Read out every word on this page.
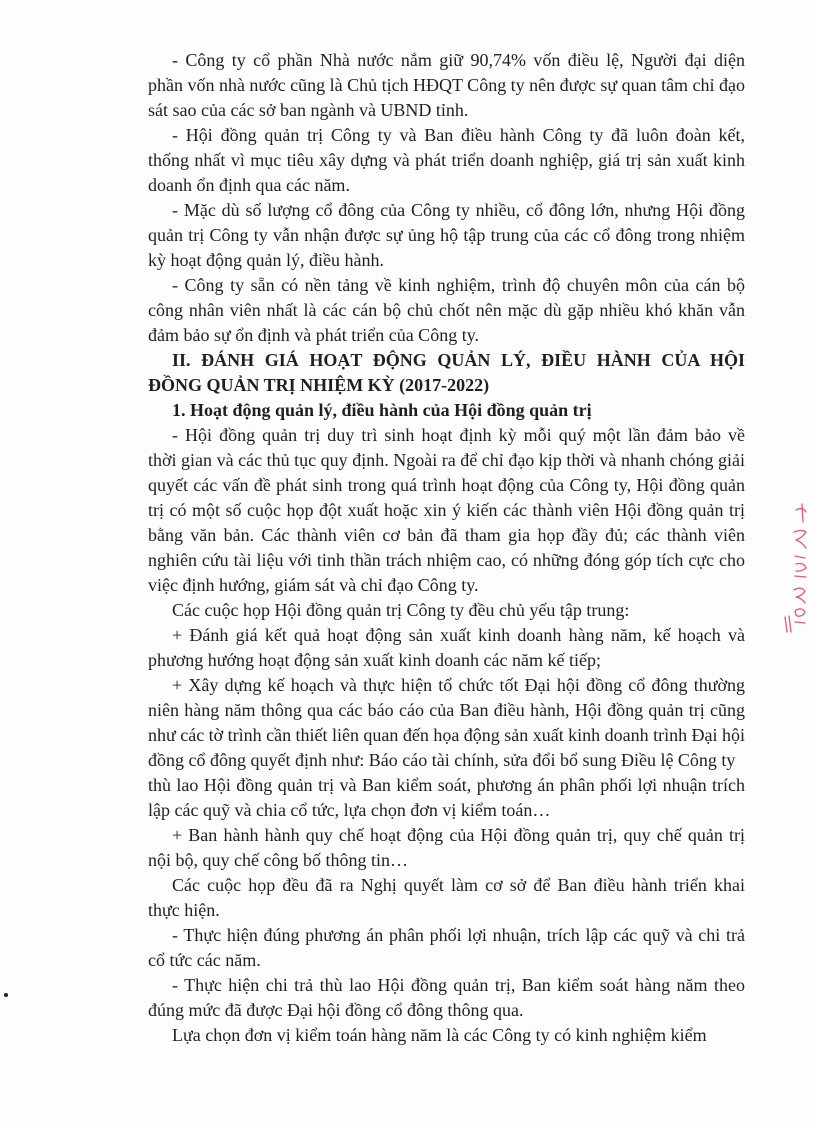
- Công ty cổ phần Nhà nước nắm giữ 90,74% vốn điều lệ, Người đại diện
phần vốn nhà nước cũng là Chủ tịch HĐQT Công ty nên được sự quan tâm chỉ đạo
sát sao của các sở ban ngành và UBND tỉnh.
- Hội đồng quản trị Công ty và Ban điều hành Công ty đã luôn đoàn kết,
thống nhất vì mục tiêu xây dựng và phát triển doanh nghiệp, giá trị sản xuất kinh
doanh ổn định qua các năm.
- Mặc dù số lượng cổ đông của Công ty nhiều, cổ đông lớn, nhưng Hội đồng
quản trị Công ty vẫn nhận được sự ủng hộ tập trung của các cổ đông trong nhiệm
kỳ hoạt động quản lý, điều hành.
- Công ty sẵn có nền tảng về kinh nghiệm, trình độ chuyên môn của cán bộ
công nhân viên nhất là các cán bộ chủ chốt nên mặc dù gặp nhiều khó khăn vẫn
đảm bảo sự ổn định và phát triển của Công ty.
II. ĐÁNH GIÁ HOẠT ĐỘNG QUẢN LÝ, ĐIỀU HÀNH CỦA HỘI
ĐỒNG QUẢN TRỊ NHIỆM KỲ (2017-2022)
1. Hoạt động quản lý, điều hành của Hội đồng quản trị
- Hội đồng quản trị duy trì sinh hoạt định kỳ mỗi quý một lần đảm bảo về
thời gian và các thủ tục quy định. Ngoài ra để chỉ đạo kịp thời và nhanh chóng giải
quyết các vấn đề phát sinh trong quá trình hoạt động của Công ty, Hội đồng quản
trị có một số cuộc họp đột xuất hoặc xin ý kiến các thành viên Hội đồng quản trị
bằng văn bản. Các thành viên cơ bản đã tham gia họp đầy đủ; các thành viên
nghiên cứu tài liệu với tinh thần trách nhiệm cao, có những đóng góp tích cực cho
việc định hướng, giám sát và chỉ đạo Công ty.
Các cuộc họp Hội đồng quản trị Công ty đều chủ yếu tập trung:
+ Đánh giá kết quả hoạt động sản xuất kinh doanh hàng năm, kế hoạch và
phương hướng hoạt động sản xuất kinh doanh các năm kế tiếp;
+ Xây dựng kế hoạch và thực hiện tổ chức tốt Đại hội đồng cổ đông thường
niên hàng năm thông qua các báo cáo của Ban điều hành, Hội đồng quản trị cũng
như các tờ trình cần thiết liên quan đến họa động sản xuất kinh doanh trình Đại hội
đồng cổ đông quyết định như: Báo cáo tài chính, sửa đổi bổ sung Điều lệ Công ty
thù lao Hội đồng quản trị và Ban kiểm soát, phương án phân phối lợi nhuận trích
lập các quỹ và chia cổ tức, lựa chọn đơn vị kiểm toán…
+ Ban hành hành quy chế hoạt động của Hội đồng quản trị, quy chế quản trị
nội bộ, quy chế công bố thông tin…
Các cuộc họp đều đã ra Nghị quyết làm cơ sở để Ban điều hành triển khai
thực hiện.
- Thực hiện đúng phương án phân phối lợi nhuận, trích lập các quỹ và chi trả
cổ tức các năm.
- Thực hiện chi trả thù lao Hội đồng quản trị, Ban kiểm soát hàng năm theo
đúng mức đã được Đại hội đồng cổ đông thông qua.
Lựa chọn đơn vị kiểm toán hàng năm là các Công ty có kinh nghiệm kiểm
